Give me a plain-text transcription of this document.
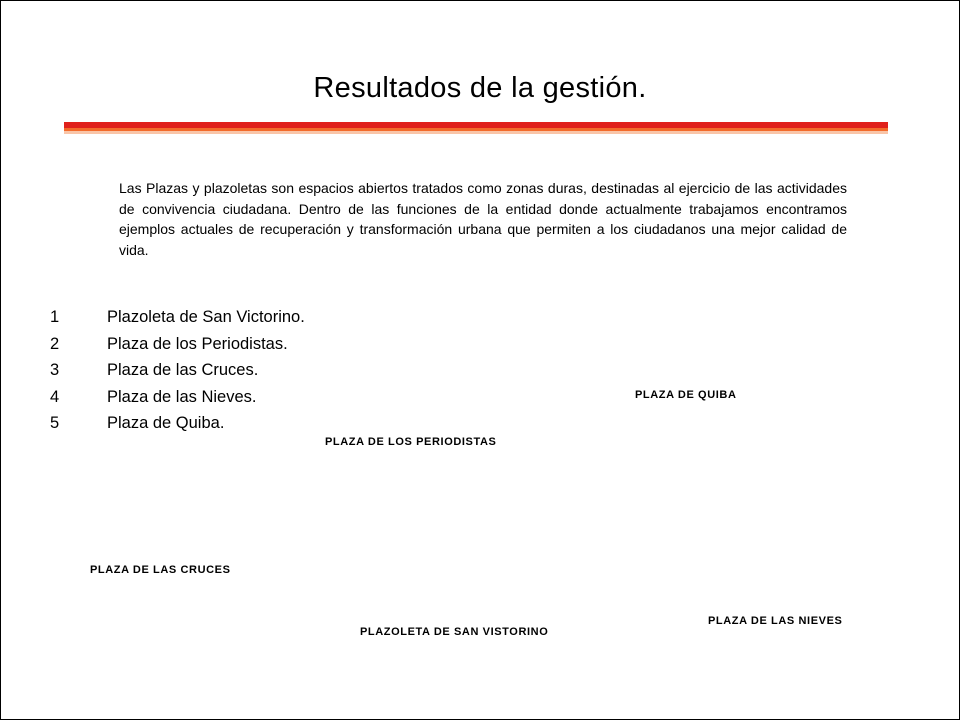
Resultados de la gestión.
Las Plazas y plazoletas son espacios abiertos tratados como zonas duras, destinadas al ejercicio de las actividades de convivencia ciudadana. Dentro de las funciones de la entidad donde actualmente trabajamos encontramos ejemplos actuales de recuperación y transformación urbana que permiten a los ciudadanos una mejor calidad de vida.
1	Plazoleta de San Victorino.
2	Plaza de los Periodistas.
3	Plaza de las Cruces.
4	Plaza de las Nieves.
5	Plaza de Quiba.
PLAZA DE QUIBA
PLAZA DE LOS PERIODISTAS
PLAZA DE LAS CRUCES
PLAZOLETA DE SAN VISTORINO
PLAZA DE LAS NIEVES
